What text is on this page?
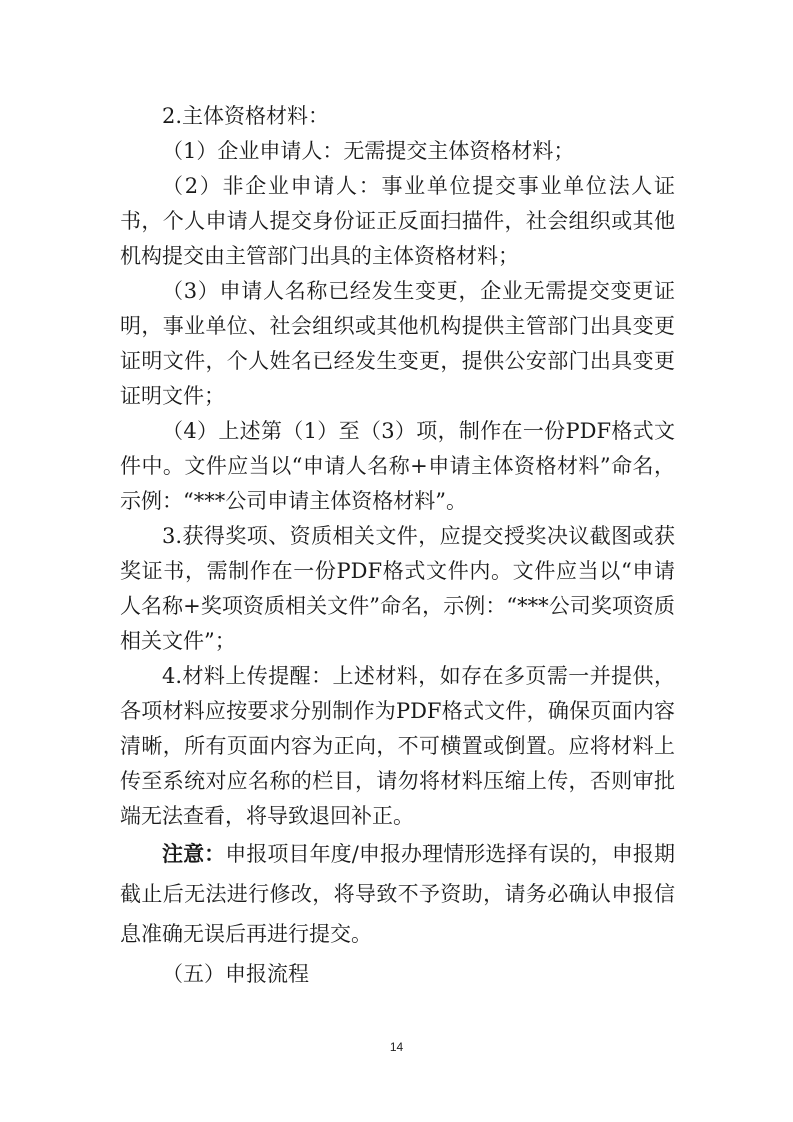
2.主体资格材料：

（1）企业申请人：无需提交主体资格材料；

（2）非企业申请人：事业单位提交事业单位法人证书，个人申请人提交身份证正反面扫描件，社会组织或其他机构提交由主管部门出具的主体资格材料；

（3）申请人名称已经发生变更，企业无需提交变更证明，事业单位、社会组织或其他机构提供主管部门出具变更证明文件，个人姓名已经发生变更，提供公安部门出具变更证明文件；

（4）上述第（1）至（3）项，制作在一份PDF格式文件中。文件应当以“申请人名称+申请主体资格材料”命名，示例：“***公司申请主体资格材料”。

3.获得奖项、资质相关文件，应提交授奖决议截图或获奖证书，需制作在一份PDF格式文件内。文件应当以“申请人名称+奖项资质相关文件”命名，示例：“***公司奖项资质相关文件”；

4.材料上传提醒：上述材料，如存在多页需一并提供，各项材料应按要求分别制作为PDF格式文件，确保页面内容清晰，所有页面内容为正向，不可横置或倒置。应将材料上传至系统对应名称的栏目，请勿将材料压缩上传，否则审批端无法查看，将导致退回补正。

注意：申报项目年度/申报办理情形选择有误的，申报期截止后无法进行修改，将导致不予资助，请务必确认申报信息准确无误后再进行提交。

（五）申报流程

14
